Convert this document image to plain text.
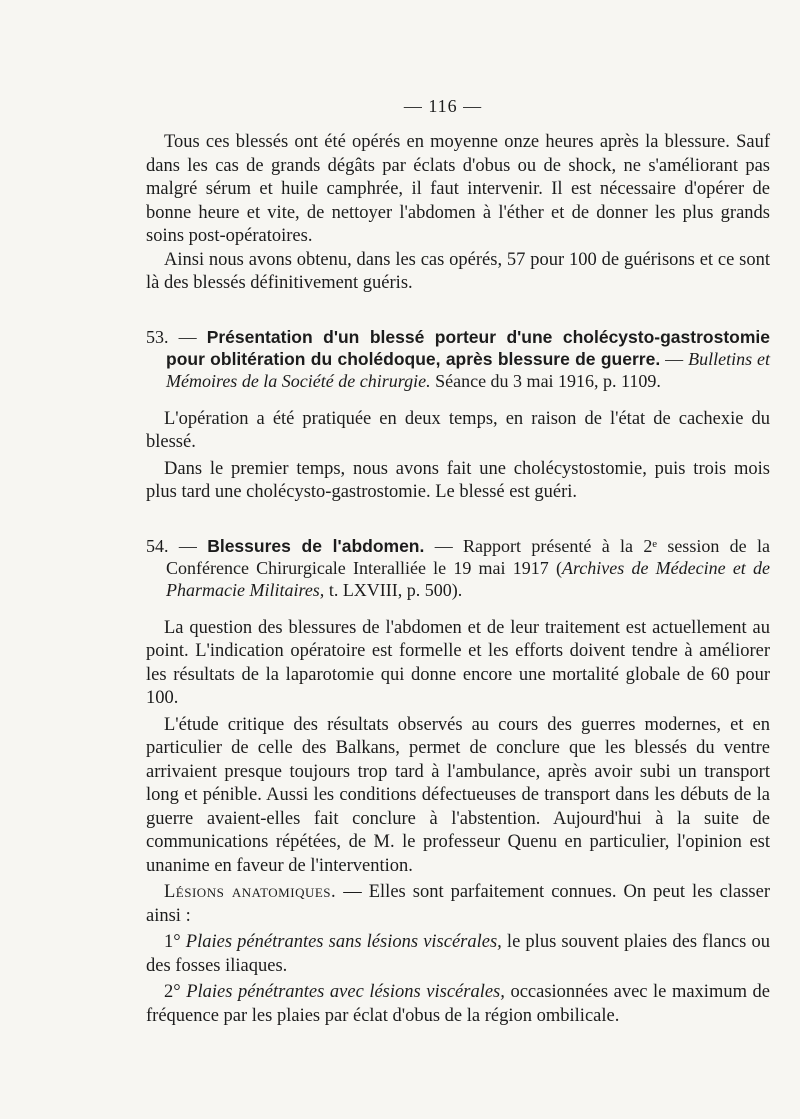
— 116 —

Tous ces blessés ont été opérés en moyenne onze heures après la blessure. Sauf dans les cas de grands dégâts par éclats d'obus ou de shock, ne s'améliorant pas malgré sérum et huile camphrée, il faut intervenir. Il est nécessaire d'opérer de bonne heure et vite, de nettoyer l'abdomen à l'éther et de donner les plus grands soins post-opératoires.

Ainsi nous avons obtenu, dans les cas opérés, 57 pour 100 de guérisons et ce sont là des blessés définitivement guéris.

53. — Présentation d'un blessé porteur d'une cholécysto-gastrostomie pour oblitération du cholédoque, après blessure de guerre. — Bulletins et Mémoires de la Société de chirurgie. Séance du 3 mai 1916, p. 1109.

L'opération a été pratiquée en deux temps, en raison de l'état de cachexie du blessé.

Dans le premier temps, nous avons fait une cholécystostomie, puis trois mois plus tard une cholécysto-gastrostomie. Le blessé est guéri.

54. — Blessures de l'abdomen. — Rapport présenté à la 2ᵉ session de la Conférence Chirurgicale Interalliée le 19 mai 1917 (Archives de Médecine et de Pharmacie Militaires, t. LXVIII, p. 500).

La question des blessures de l'abdomen et de leur traitement est actuellement au point. L'indication opératoire est formelle et les efforts doivent tendre à améliorer les résultats de la laparotomie qui donne encore une mortalité globale de 60 pour 100.

L'étude critique des résultats observés au cours des guerres modernes, et en particulier de celle des Balkans, permet de conclure que les blessés du ventre arrivaient presque toujours trop tard à l'ambulance, après avoir subi un transport long et pénible. Aussi les conditions défectueuses de transport dans les débuts de la guerre avaient-elles fait conclure à l'abstention. Aujourd'hui à la suite de communications répétées, de M. le professeur Quenu en particulier, l'opinion est unanime en faveur de l'intervention.

Lésions anatomiques. — Elles sont parfaitement connues. On peut les classer ainsi :

1° Plaies pénétrantes sans lésions viscérales, le plus souvent plaies des flancs ou des fosses iliaques.

2° Plaies pénétrantes avec lésions viscérales, occasionnées avec le maximum de fréquence par les plaies par éclat d'obus de la région ombilicale.
